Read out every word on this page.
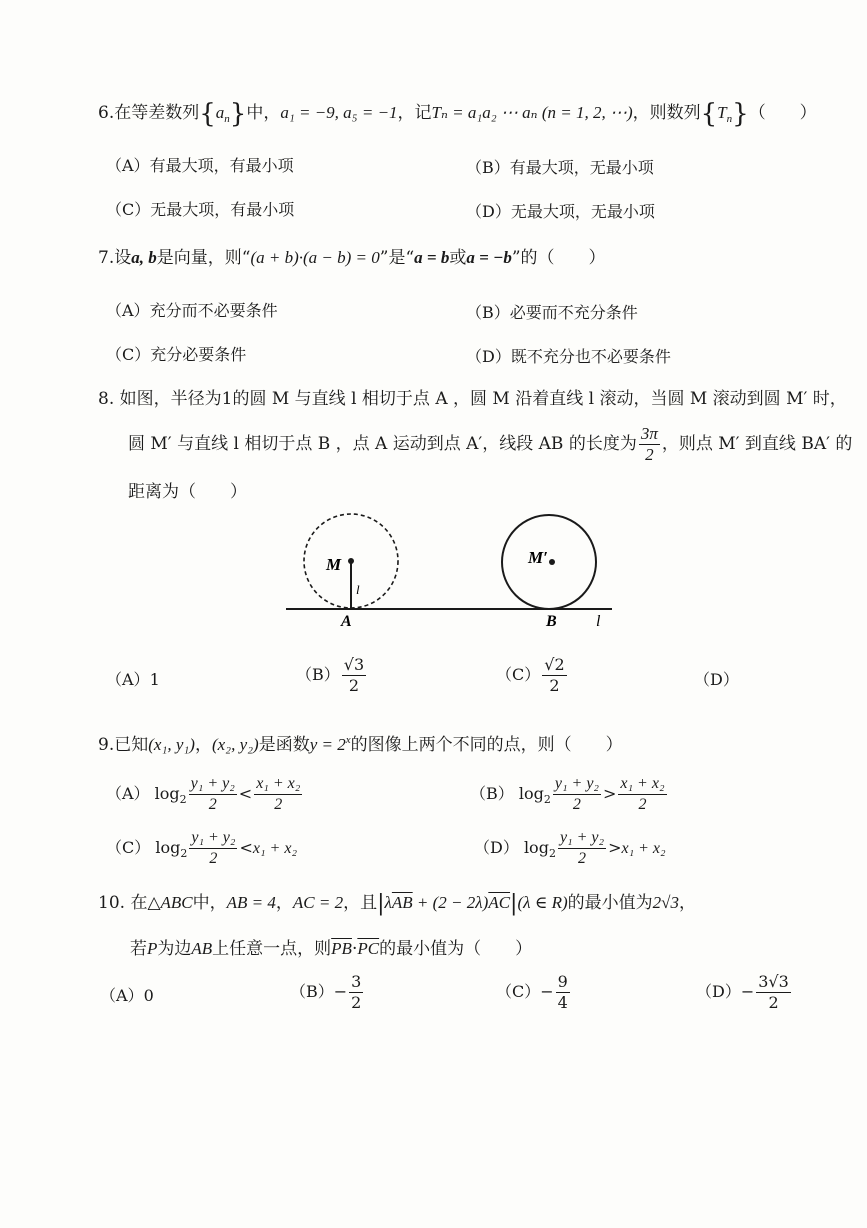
6.在等差数列$\{a_n\}$中，a₁ = −9, a₅ = −1，记Tₙ = a₁a₂ ⋯ aₙ (n = 1, 2, ⋯)，则数列$\{T_n\}$（　　）
（A）有最大项，有最小项	（B）有最大项，无最小项
（C）无最大项，有最小项	（D）无最大项，无最小项
7.设a, b是向量，则“(a + b)·(a − b) = 0”是“a = b或a = −b”的（　　）
（A）充分而不必要条件	（B）必要而不充分条件
（C）充分必要条件	（D）既不充分也不必要条件
8. 如图，半径为1的圆 M 与直线 l 相切于点 A ，圆 M 沿着直线 l 滚动，当圆 M 滚动到圆 M′ 时，
圆 M′ 与直线 l 相切于点 B ，点 A 运动到点 A′，线段 AB 的长度为 $\frac{3\pi}{2}$ ，则点 M′ 到直线 BA′ 的
距离为（　　）
M
l
M′
A	B l
（A）1	$(B) \frac{√3}{2}$	$(C) \frac{√2}{2}$	（D）
9.已知(x₁, y₁)，(x₂, y₂)是函数$y = 2^x$的图像上两个不同的点，则（　　）
（A） $\log_2 \frac{\text{y₁ + y₂}}{2} < \frac{\text{x₁ + x₂}}{2}$	（B） $\log_2 \frac{\text{y₁ + y₂}}{2} > \frac{\text{x₁ + x₂}}{2}$
（C） $\log_2 \frac{\text{y₁ + y₂}}{2} <x_1 + x_2$	（D） $\log_2 \frac{\text{y₁ + y₂}}{2} >x_1 + x_2$
10. 在△ABC中，AB = 4，AC = 2，且$|\lambda\overline{AB} + (2 - 2\lambda)\overline{AC}|(\lambda$ ∈ R)的最小值为2√3，
若P为边AB上任意一点，则$\overline{PB}\cdot\overline{PC}$的最小值为（　　）
（A）0	$(B)- \frac{3}{2}$	$(C)- \frac{9}{4}$	$(D)- \frac{3√3}{2}$
